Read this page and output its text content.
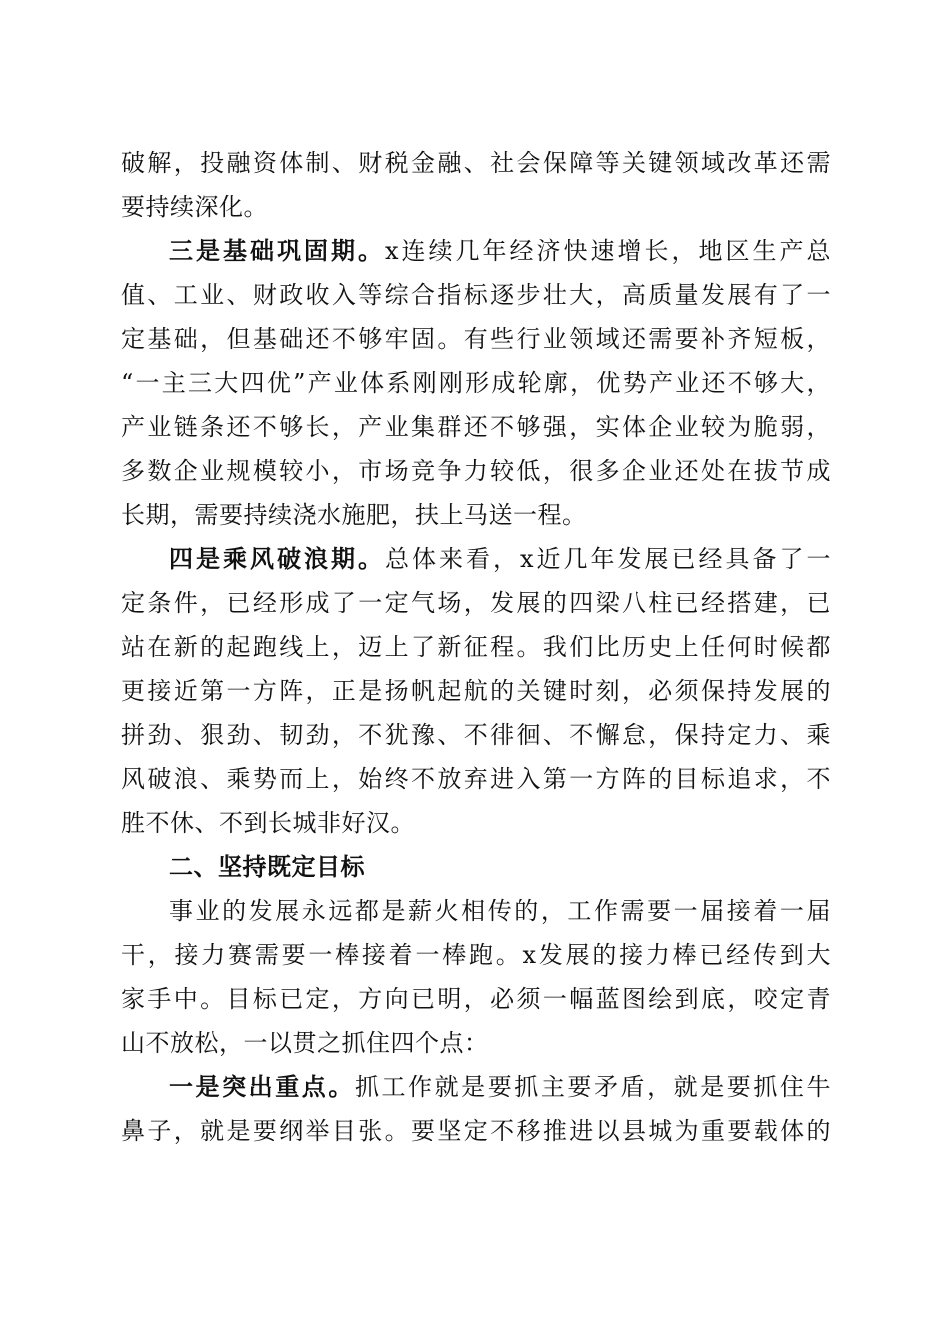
破解，投融资体制、财税金融、社会保障等关键领域改革还需
要持续深化。
三是基础巩固期。x连续几年经济快速增长，地区生产总
值、工业、财政收入等综合指标逐步壮大，高质量发展有了一
定基础，但基础还不够牢固。有些行业领域还需要补齐短板，
“一主三大四优”产业体系刚刚形成轮廓，优势产业还不够大，
产业链条还不够长，产业集群还不够强，实体企业较为脆弱，
多数企业规模较小，市场竞争力较低，很多企业还处在拔节成
长期，需要持续浇水施肥，扶上马送一程。
四是乘风破浪期。总体来看，x近几年发展已经具备了一
定条件，已经形成了一定气场，发展的四梁八柱已经搭建，已
站在新的起跑线上，迈上了新征程。我们比历史上任何时候都
更接近第一方阵，正是扬帆起航的关键时刻，必须保持发展的
拼劲、狠劲、韧劲，不犹豫、不徘徊、不懈怠，保持定力、乘
风破浪、乘势而上，始终不放弃进入第一方阵的目标追求，不
胜不休、不到长城非好汉。
二、坚持既定目标
事业的发展永远都是薪火相传的，工作需要一届接着一届
干，接力赛需要一棒接着一棒跑。x发展的接力棒已经传到大
家手中。目标已定，方向已明，必须一幅蓝图绘到底，咬定青
山不放松，一以贯之抓住四个点：
一是突出重点。抓工作就是要抓主要矛盾，就是要抓住牛
鼻子，就是要纲举目张。要坚定不移推进以县城为重要载体的
